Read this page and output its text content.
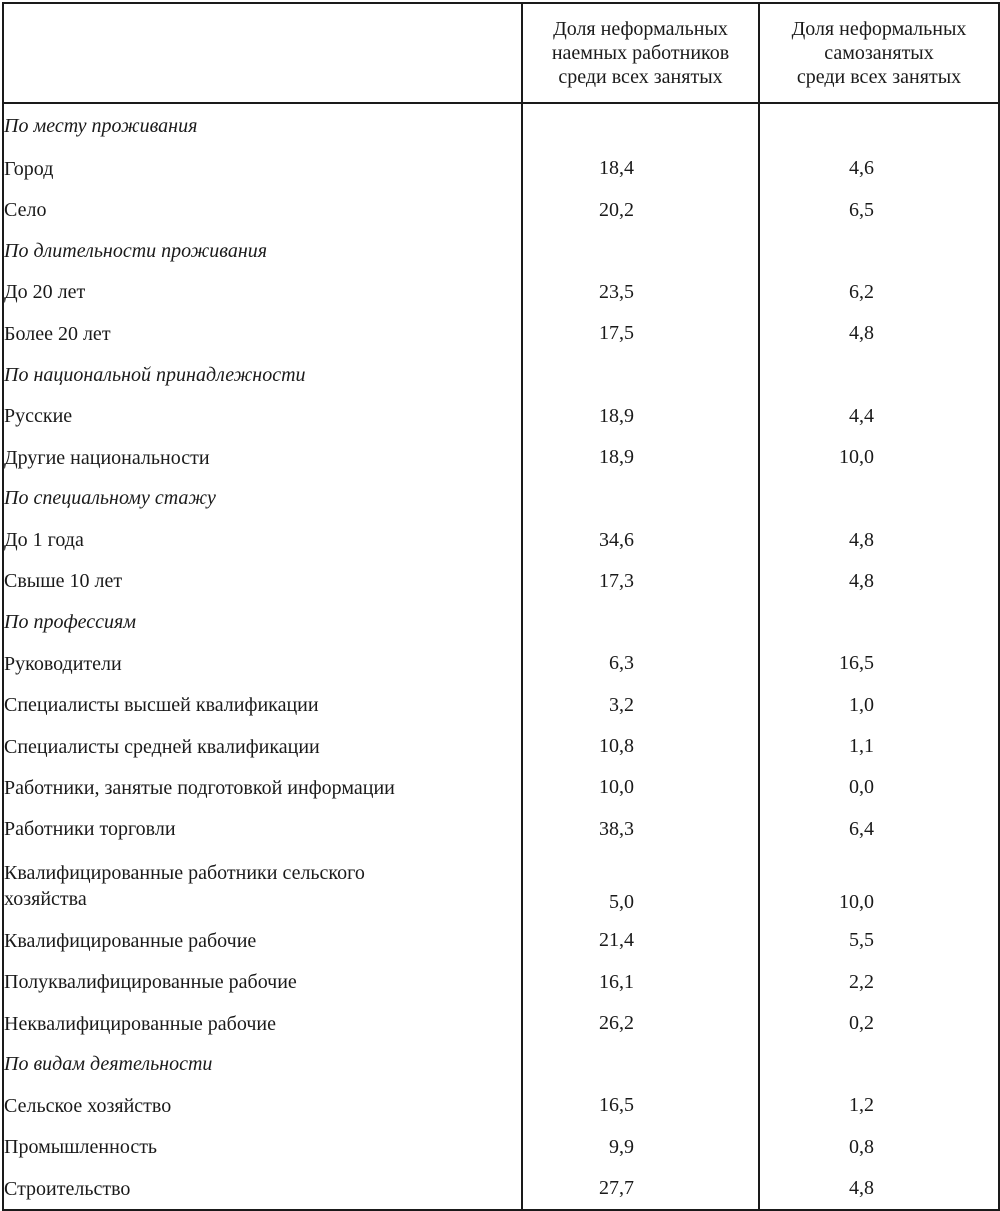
	Доля неформальных
наемных работников
среди всех занятых	Доля неформальных
самозанятых
среди всех занятых
По месту проживания		
Город	18,4	4,6
Село	20,2	6,5
По длительности проживания		
До 20 лет	23,5	6,2
Более 20 лет	17,5	4,8
По национальной принадлежности		
Русские	18,9	4,4
Другие национальности	18,9	10,0
По специальному стажу		
До 1 года	34,6	4,8
Свыше 10 лет	17,3	4,8
По профессиям		
Руководители	6,3	16,5
Специалисты высшей квалификации	3,2	1,0
Специалисты средней квалификации	10,8	1,1
Работники, занятые подготовкой информации	10,0	0,0
Работники торговли	38,3	6,4
Квалифицированные работники сельского
хозяйства	5,0	10,0
Квалифицированные рабочие	21,4	5,5
Полуквалифицированные рабочие	16,1	2,2
Неквалифицированные рабочие	26,2	0,2
По видам деятельности		
Сельское хозяйство	16,5	1,2
Промышленность	9,9	0,8
Строительство	27,7	4,8
